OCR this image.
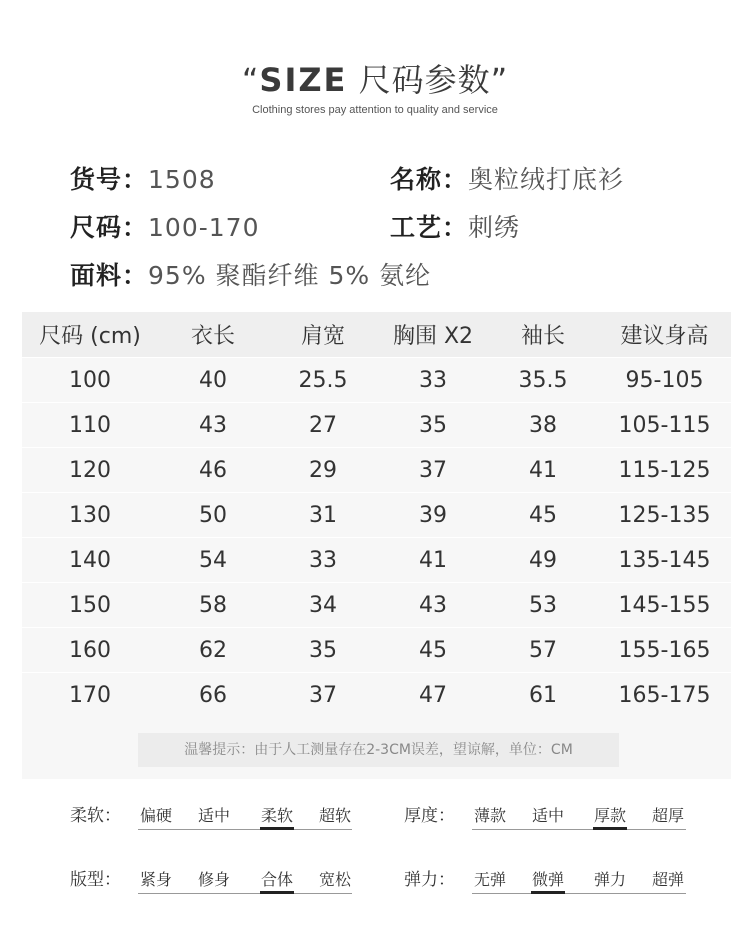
“SIZE 尺码参数”
Clothing stores pay attention to quality and service
货号：1508	名称：奥粒绒打底衫
尺码：100-170	工艺：刺绣
面料：95% 聚酯纤维 5% 氨纶
尺码 (cm)	衣长	肩宽	胸围 X2	袖长	建议身高
100	40	25.5	33	35.5	95-105
110	43	27	35	38	105-115
120	46	29	37	41	115-125
130	50	31	39	45	125-135
140	54	33	41	49	135-145
150	58	34	43	53	145-155
160	62	35	45	57	155-165
170	66	37	47	61	165-175
温馨提示：由于人工测量存在2-3CM误差，望谅解，单位：CM
柔软：	偏硬	适中	柔软	超软	厚度：	薄款	适中	厚款	超厚
版型：	紧身	修身	合体	宽松	弹力：	无弹	微弹	弹力	超弹
